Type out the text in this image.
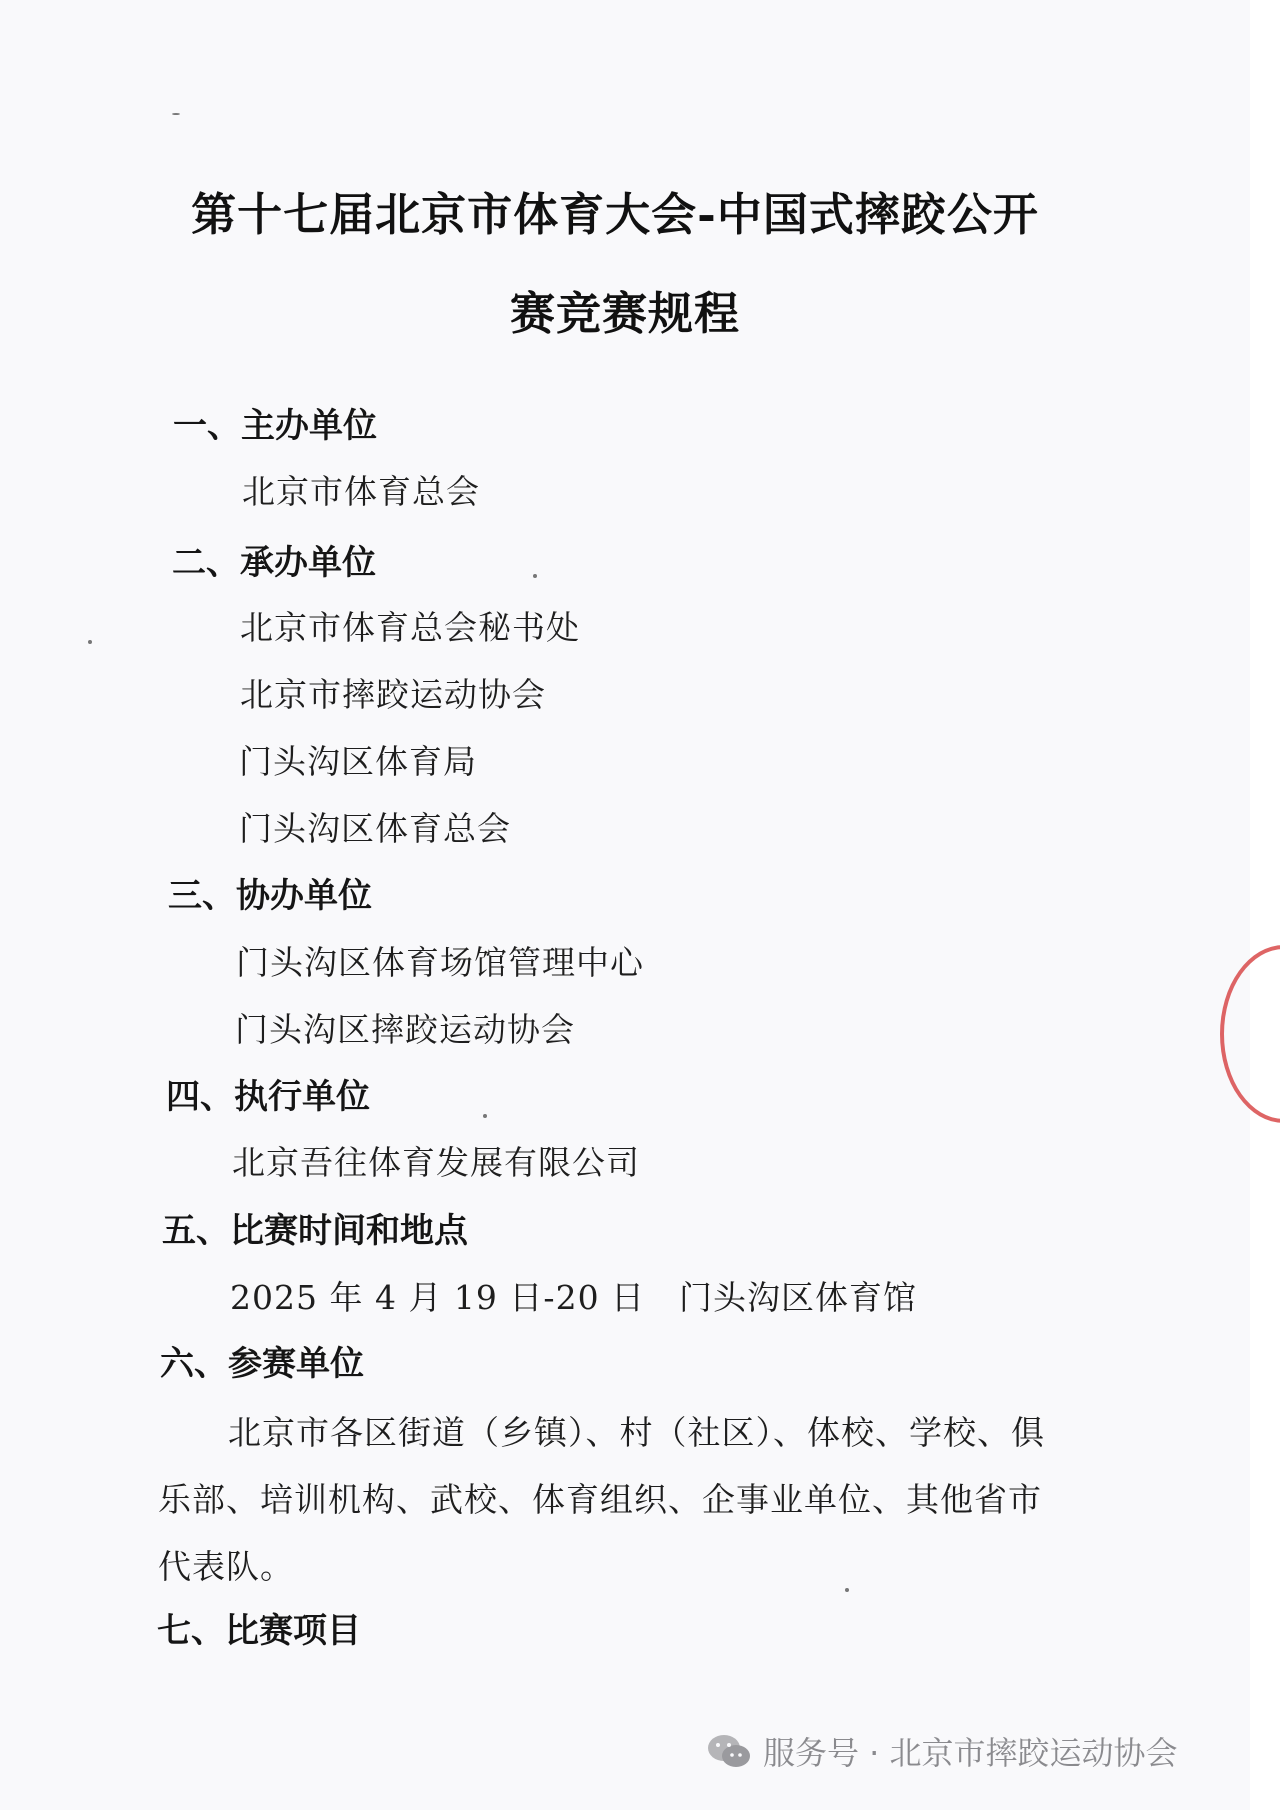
第十七届北京市体育大会-中国式摔跤公开
赛竞赛规程
一、主办单位
北京市体育总会
二、承办单位
北京市体育总会秘书处
北京市摔跤运动协会
门头沟区体育局
门头沟区体育总会
三、协办单位
门头沟区体育场馆管理中心
门头沟区摔跤运动协会
四、执行单位
北京吾往体育发展有限公司
五、比赛时间和地点
2025 年 4 月 19 日-20 日　门头沟区体育馆
六、参赛单位
北京市各区街道（乡镇）、村（社区）、体校、学校、俱乐部、培训机构、武校、体育组织、企事业单位、其他省市代表队。
七、比赛项目
服务号 · 北京市摔跤运动协会
